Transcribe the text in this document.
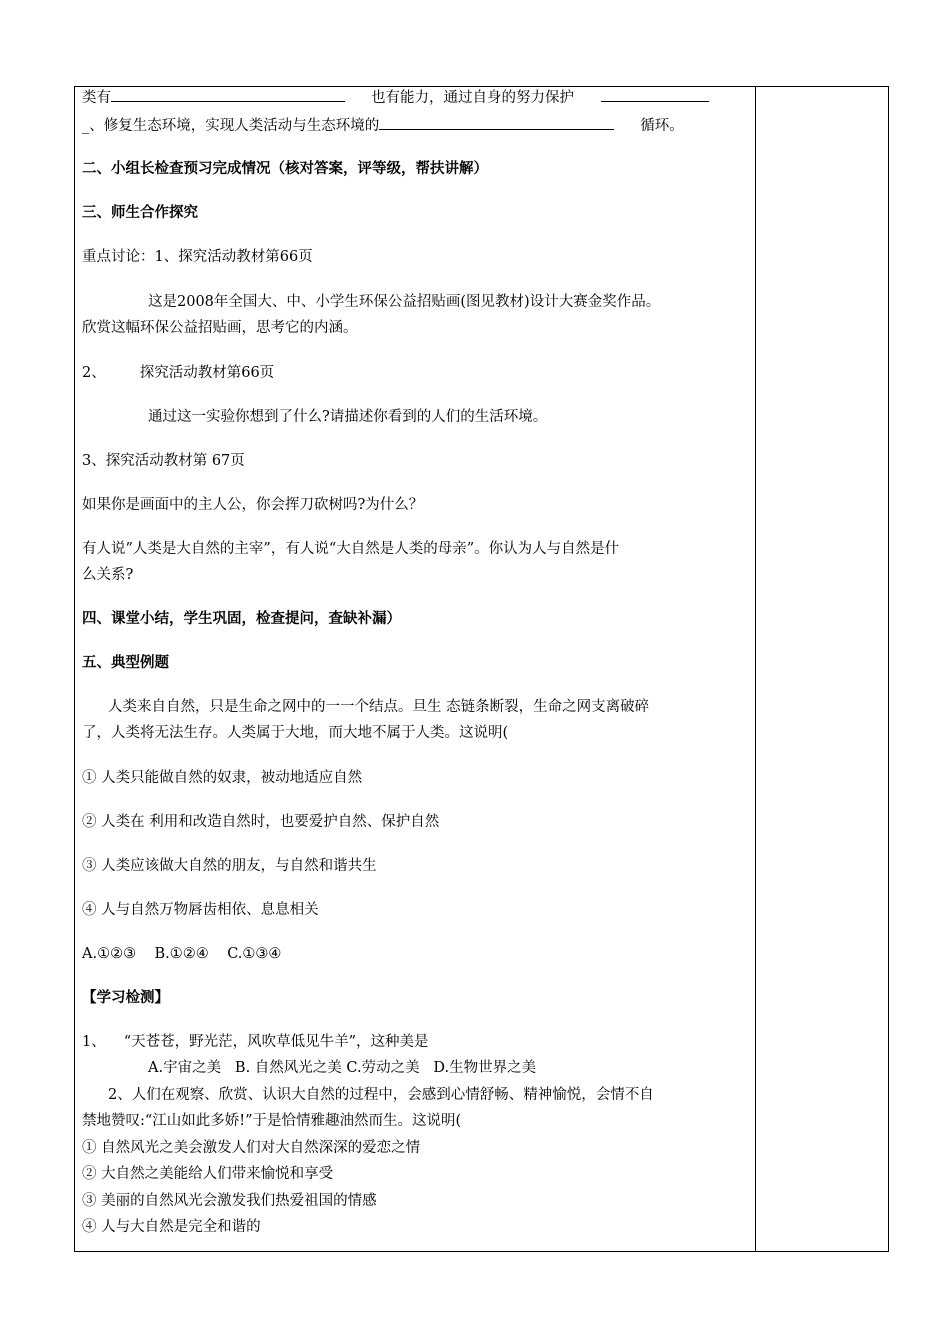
类有	也有能力，通过自身的努力保护
_、修复生态环境，实现人类活动与生态环境的	循环。
二、小组长检查预习完成情况（核对答案，评等级，帮扶讲解）
三、师生合作探究
重点讨论：1、探究活动教材第66页
这是2008年全国大、中、小学生环保公益招贴画(图见教材)设计大赛金奖作品。
欣赏这幅环保公益招贴画，思考它的内涵。
2、 探究活动教材第66页
通过这一实验你想到了什么?请描述你看到的人们的生活环境。
3、探究活动教材第 67页
如果你是画面中的主人公，你会挥刀砍树吗?为什么？
有人说”人类是大自然的主宰”，有人说“大自然是人类的母亲”。你认为人与自然是什
么关系?
四、课堂小结，学生巩固，检查提问，查缺补漏）
五、典型例题
人类来自自然，只是生命之网中的一一个结点。旦生 态链条断裂，生命之网支离破碎
了，人类将无法生存。人类属于大地，而大地不属于人类。这说明(
① 人类只能做自然的奴隶，被动地适应自然
② 人类在 利用和改造自然时，也要爱护自然、保护自然
③ 人类应该做大自然的朋友，与自然和谐共生
④ 人与自然万物唇齿相依、息息相关
A.①②③    B.①②④    C.①③④
【学习检测】
1、 “天苍苍，野光茫，风吹草低见牛羊”，这种美是
A.宇宙之美   B. 自然风光之美 C.劳动之美   D.生物世界之美
2、人们在观察、欣赏、认识大自然的过程中，会感到心情舒畅、精神愉悦，会情不自
禁地赞叹:“江山如此多娇!”于是恰情雅趣油然而生。这说明(
① 自然风光之美会激发人们对大自然深深的爱恋之情
② 大自然之美能给人们带来愉悦和享受
③ 美丽的自然风光会激发我们热爱祖国的情感
④ 人与大自然是完全和谐的
